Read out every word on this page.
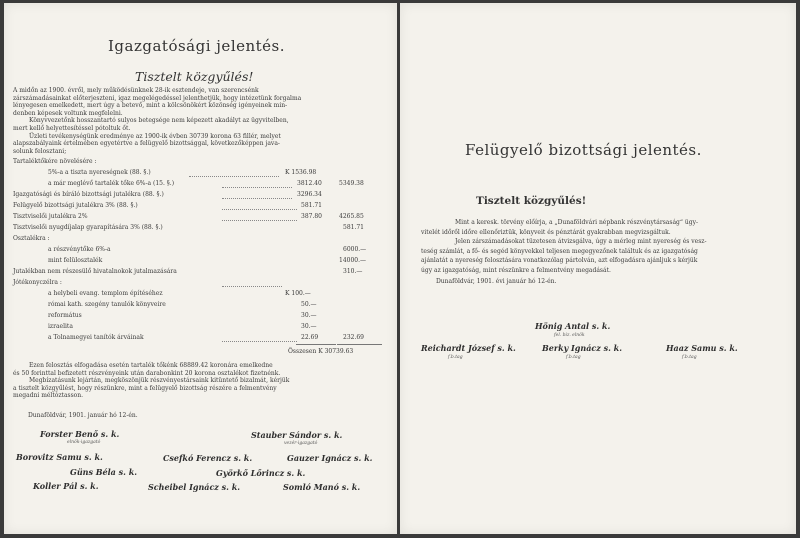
Igazgatósági jelentés.
Tisztelt közgyűlés!
A midőn az 1900. évről, mely működésünknek 28-ik esztendeje, van szerencsénk
zárszámadásainkat előterjeszteni, igaz megelégedéssel jelenthetjük, hogy intézetünk forgalma
lényegesen emelkedett, mert úgy a betevő, mint a kölcsönökért közönség igényeinek min-
denben képesek voltunk megfelelni.
Könyvvezetőnk hosszantartó sulyos betegsége nem képezett akadályt az ügyvitelben,
mert kellő helyettesítéssel pótoltuk őt.
Üzleti tevékenységünk eredménye az 1900-ik évben 30739 korona 63 fillér, melyet
alapszabályaink értelmében egyetértve a felügyelő bizottsággal, következőképpen java-
solunk felosztani;
Tartaléktőkére növelésére :
5%-a a tiszta nyereségnek (88. §.)	K 1536.98
a már meglévő tartalék tőke 6%-a (15. §.)	3812.40	5349.38
Igazgatósági és bíráló bizottsági jutalékra (88. §.)	3296.34
Felügyelő bizottsági jutalékra 3% (88. §.)	581.71
Tisztviselői jutalékra 2%	387.80	4265.85
Tisztviselői nyugdíjalap gyarapítására 3% (88. §.)	581.71
Osztalékra :
a részvénytőke 6%-a	6000.—
mint felülosztalék	14000.—
Jutalékban nem részesülő hivatalnokok jutalmazására	310.—
Jótékonyczélra :
a helybeli evang. templom építéséhez	K 100.—
római kath. szegény tanulók könyveire	50.—
református	30.—
izraelita	30.—
a Tolnamegyei tanítók árváinak	22.69	232.69
Összesen K 30739.63
Ezen felosztás elfogadása esetén tartalék tőkénk 68889.42 koronára emelkedne
és 50 forinttal befizetett részvényeink után darabonkint 20 korona osztalékot fizetnénk.
Megbízatásunk lejártán, megköszönjük részvényestársaink kitüntető bizalmát, kérjük
a tisztelt közgyűlést, hogy részünkre, mint a felügyelő bizottság részére a felmentvény
megadni méltóztasson.
Dunaföldvár, 1901. január hó 12-én.
Forster Benő s. k.
elnök-igazgató
Stauber Sándor s. k.
vezér-igazgató
Borovitz Samu s. k.	Csefkó Ferencz s. k.	Gauzer Ignácz s. k.
Güns Béla s. k.	Györkő Lőrincz s. k.
Koller Pál s. k.	Scheibel Ignácz s. k.	Somló Manó s. k.
Felügyelő bizottsági jelentés.
Tisztelt közgyűlés!
Mint a keresk. törvény előírja, a „Dunaföldvári népbank részvénytársaság“ ügy-
vitelét időről időre ellenőriztük, könyveit és pénztárát gyakrabban megvizsgáltuk.
Jelen zárszámadásokat tüzetesen átvizsgálva, úgy a mérleg mint nyereség és vesz-
teség számlát, a fő- és segéd könyvekkel teljesen megegyezőnek találtuk és az igazgatóság
ajánlatát a nyereség felosztására vonatkozólag pártolván, azt elfogadásra ajánljuk s kérjük
úgy az igazgatóság, mint részünkre a felmentvény megadását.
Dunaföldvár, 1901. évi január hó 12-én.
Hönig Antal s. k.
fel. biz. elnök
Reichardt József s. k.
f.b.tag
Berky Ignácz s. k.
f.b.tag
Haaz Samu s. k.
f.b.tag
